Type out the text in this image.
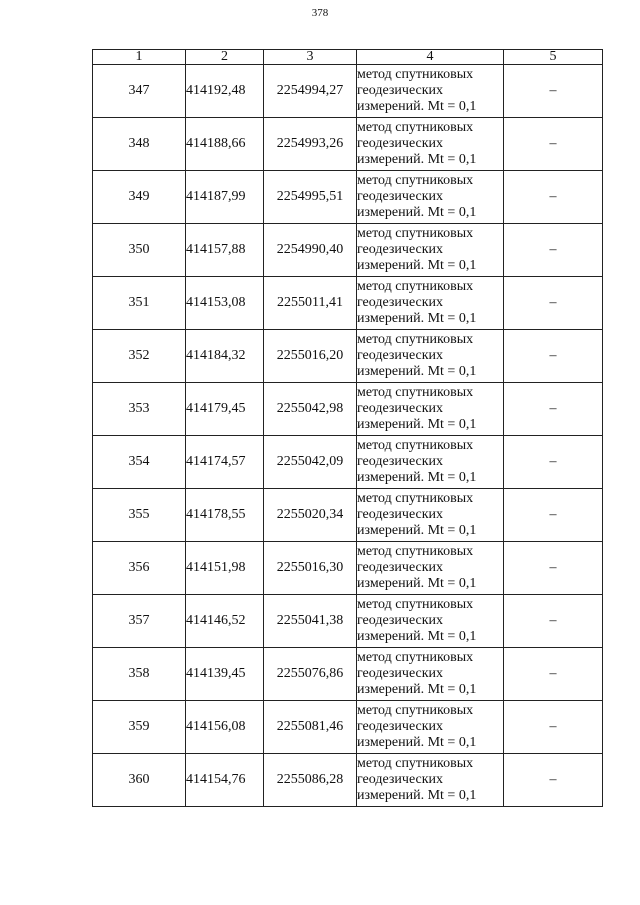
378
1	2	3	4	5
347	414192,48	2254994,27	метод спутниковых
геодезических
измерений. Mt = 0,1	–
348	414188,66	2254993,26	метод спутниковых
геодезических
измерений. Mt = 0,1	–
349	414187,99	2254995,51	метод спутниковых
геодезических
измерений. Mt = 0,1	–
350	414157,88	2254990,40	метод спутниковых
геодезических
измерений. Mt = 0,1	–
351	414153,08	2255011,41	метод спутниковых
геодезических
измерений. Mt = 0,1	–
352	414184,32	2255016,20	метод спутниковых
геодезических
измерений. Mt = 0,1	–
353	414179,45	2255042,98	метод спутниковых
геодезических
измерений. Mt = 0,1	–
354	414174,57	2255042,09	метод спутниковых
геодезических
измерений. Mt = 0,1	–
355	414178,55	2255020,34	метод спутниковых
геодезических
измерений. Mt = 0,1	–
356	414151,98	2255016,30	метод спутниковых
геодезических
измерений. Mt = 0,1	–
357	414146,52	2255041,38	метод спутниковых
геодезических
измерений. Mt = 0,1	–
358	414139,45	2255076,86	метод спутниковых
геодезических
измерений. Mt = 0,1	–
359	414156,08	2255081,46	метод спутниковых
геодезических
измерений. Mt = 0,1	–
360	414154,76	2255086,28	метод спутниковых
геодезических
измерений. Mt = 0,1	–
